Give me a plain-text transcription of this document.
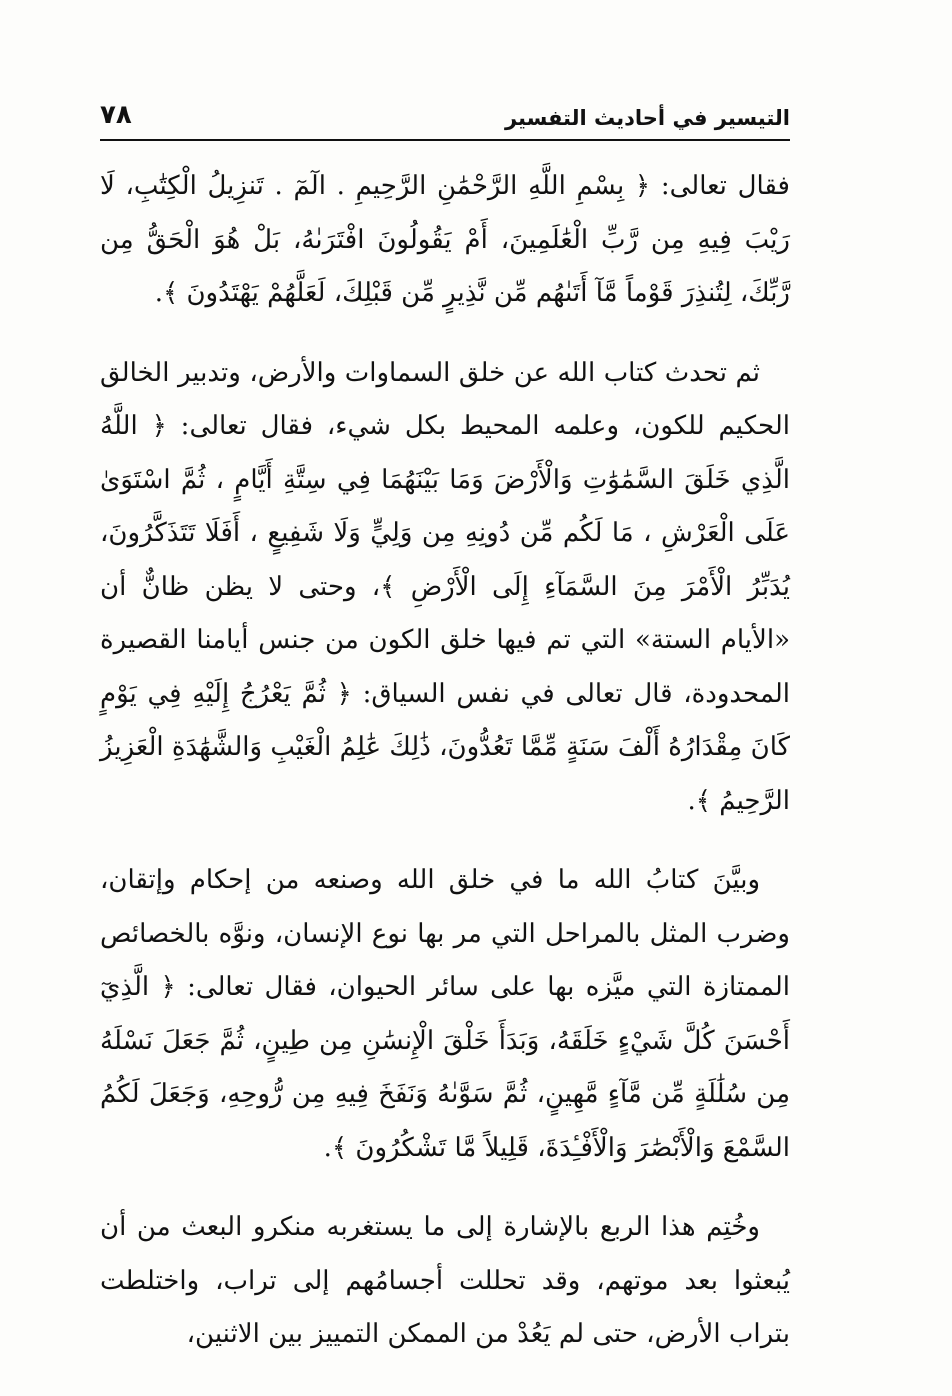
التيسير في أحاديث التفسير
٧٨

فقال تعالى: ﴿ بِسْمِ اللَّهِ الرَّحْمَٰنِ الرَّحِيمِ . الٓمٓ . تَنزِيلُ الْكِتَٰبِ، لَا رَيْبَ فِيهِ مِن رَّبِّ الْعَٰلَمِينَ، أَمْ يَقُولُونَ افْتَرَىٰهُ، بَلْ هُوَ الْحَقُّ مِن رَّبِّكَ، لِتُنذِرَ قَوْماً مَّآ أَتَىٰهُم مِّن نَّذِيرٍ مِّن قَبْلِكَ، لَعَلَّهُمْ يَهْتَدُونَ ﴾.

ثم تحدث كتاب الله عن خلق السماوات والأرض، وتدبير الخالق الحكيم للكون، وعلمه المحيط بكل شيء، فقال تعالى: ﴿ اللَّهُ الَّذِي خَلَقَ السَّمَٰوَٰتِ وَالْأَرْضَ وَمَا بَيْنَهُمَا فِي سِتَّةِ أَيَّامٍ ، ثُمَّ اسْتَوَىٰ عَلَى الْعَرْشِ ، مَا لَكُم مِّن دُونِهِ مِن وَلِيٍّ وَلَا شَفِيعٍ ، أَفَلَا تَتَذَكَّرُونَ، يُدَبِّرُ الْأَمْرَ مِنَ السَّمَآءِ إِلَى الْأَرْضِ ﴾، وحتى لا يظن ظانٌّ أن «الأيام الستة» التي تم فيها خلق الكون من جنس أيامنا القصيرة المحدودة، قال تعالى في نفس السياق: ﴿ ثُمَّ يَعْرُجُ إِلَيْهِ فِي يَوْمٍ كَانَ مِقْدَارُهُ أَلْفَ سَنَةٍ مِّمَّا تَعُدُّونَ، ذَٰلِكَ عَٰلِمُ الْغَيْبِ وَالشَّهَٰدَةِ الْعَزِيزُ الرَّحِيمُ ﴾.

وبيَّنَ كتابُ الله ما في خلق الله وصنعه من إحكام وإتقان، وضرب المثل بالمراحل التي مر بها نوع الإنسان، ونوَّه بالخصائص الممتازة التي ميَّزه بها على سائر الحيوان، فقال تعالى: ﴿ الَّذِيٓ أَحْسَنَ كُلَّ شَيْءٍ خَلَقَهُ، وَبَدَأَ خَلْقَ الْإِنسَٰنِ مِن طِينٍ، ثُمَّ جَعَلَ نَسْلَهُ مِن سُلَٰلَةٍ مِّن مَّآءٍ مَّهِينٍ، ثُمَّ سَوَّىٰهُ وَنَفَخَ فِيهِ مِن رُّوحِهِ، وَجَعَلَ لَكُمُ السَّمْعَ وَالْأَبْصَٰرَ وَالْأَفْـِٔدَةَ، قَلِيلاً مَّا تَشْكُرُونَ ﴾.

وخُتِم هذا الربع بالإشارة إلى ما يستغربه منكرو البعث من أن يُبعثوا بعد موتهم، وقد تحللت أجسامُهم إلى تراب، واختلطت بتراب الأرض، حتى لم يَعُدْ من الممكن التمييز بين الاثنين،
